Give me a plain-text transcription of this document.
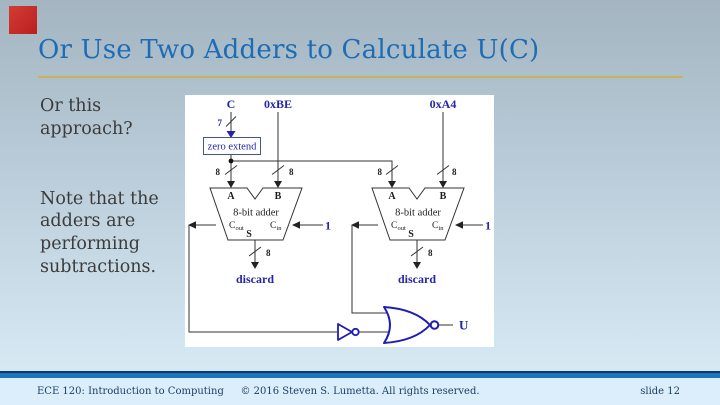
Or Use Two Adders to Calculate U(C)

Or this approach?

Note that the adders are performing subtractions.

zero extend
A	B
8-bit adder
C out	C in
S
A	B
8-bit adder
C out	C in
S
C 0xBE	0xA4
7
8	8	8	8
8	8
1	1
discard	discard
U
© 2016 Steven S. Lumetta. All rights reserved.
ECE 120: Introduction to Computing	slide 12
